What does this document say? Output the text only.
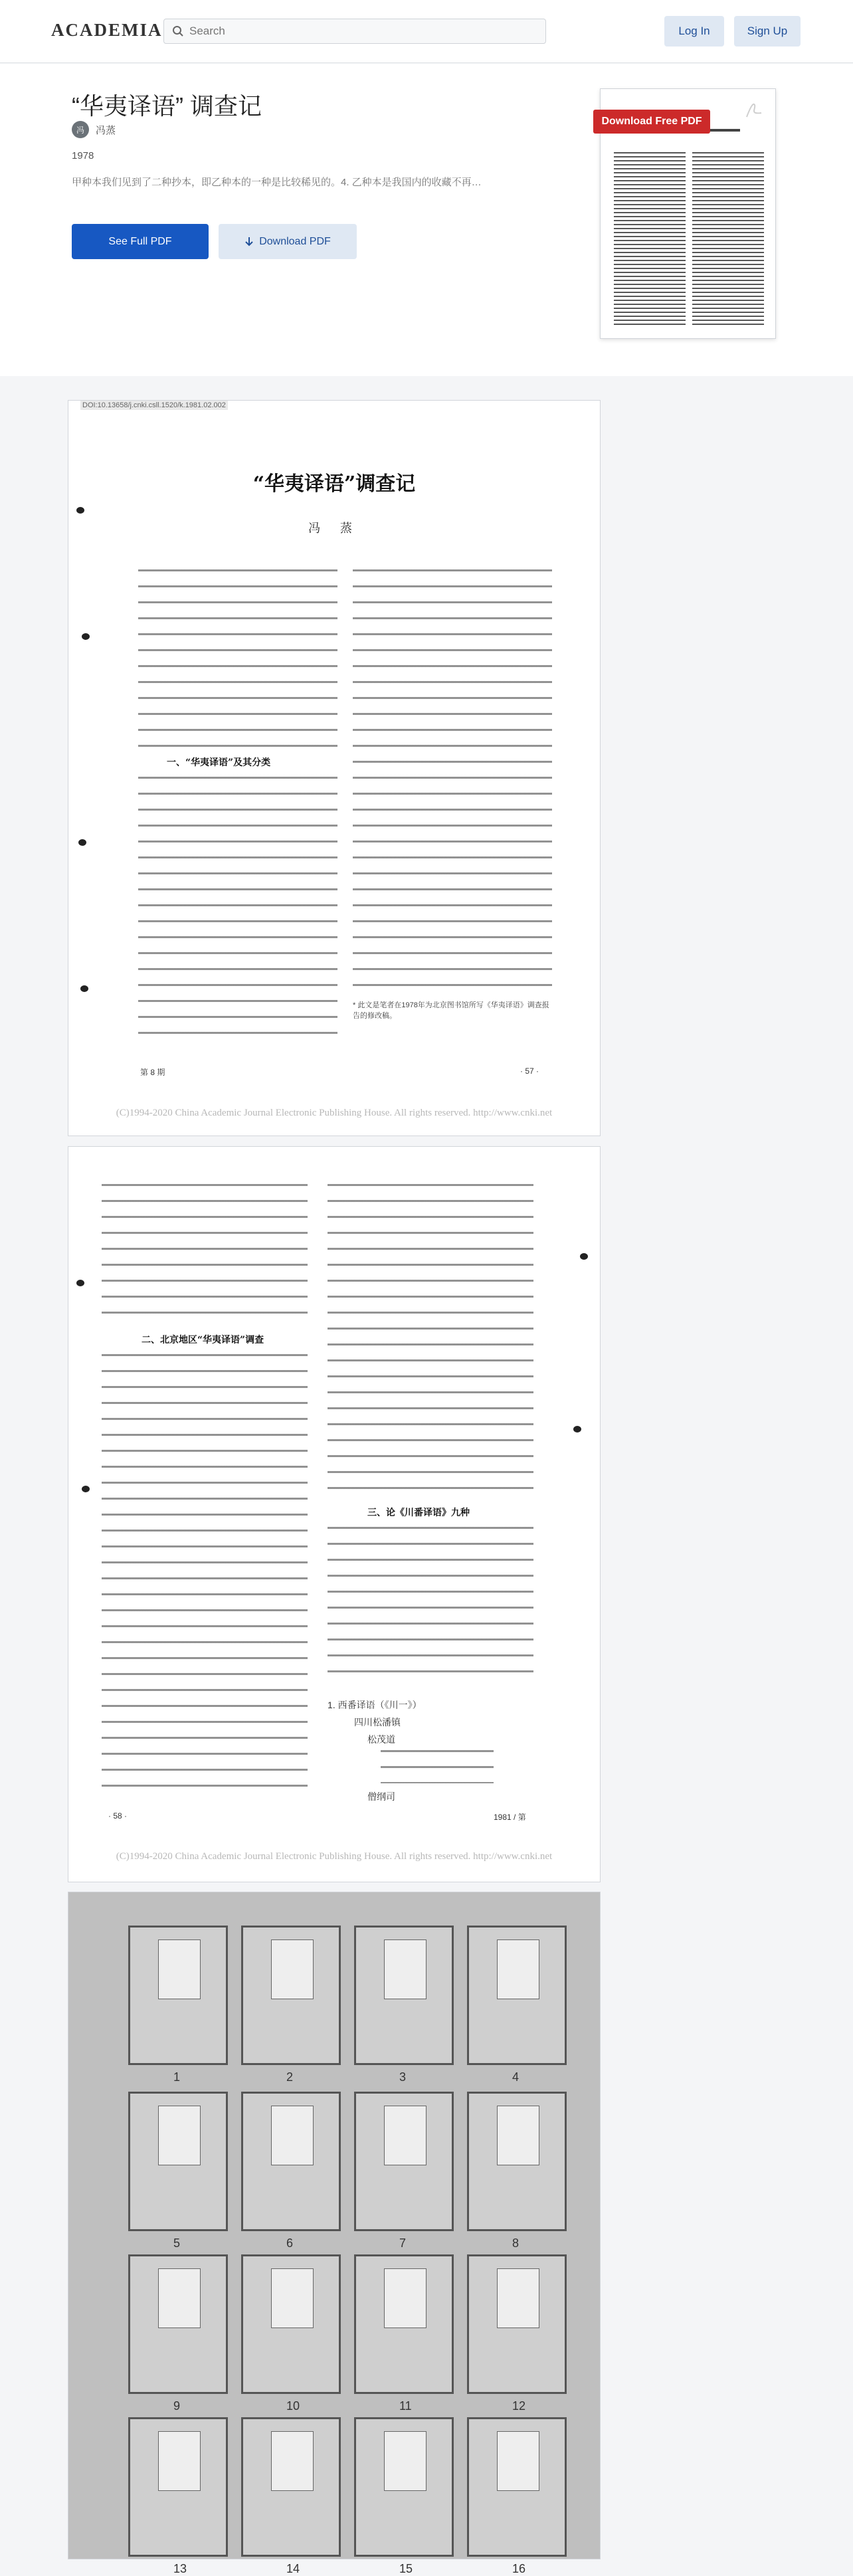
ACADEMIA
Search	Log In	Sign Up
“华夷译语” 调查记
冯	冯蒸
1978
甲种本我们见到了二种抄本，即乙种本的一种是比较稀见的。4. 乙种本是我国内的收藏不再…
See Full PDF	Download PDF
Download Free PDF
DOI:10.13658/j.cnki.csll.1520/k.1981.02.002
“华夷译语”调查记
冯 蒸
一、“华夷译语”及其分类
* 此文是笔者在1978年为北京图书馆所写《华夷译语》调查报告的修改稿。
第 8 期	· 57 ·
(C)1994-2020 China Academic Journal Electronic Publishing House. All rights reserved. http://www.cnki.net
二、北京地区“华夷译语”调查
三、论《川番译语》九种
1. 西番译语（《川一》）
四川松潘镇
松茂道
僧纲司
· 58 ·	1981 / 第
(C)1994-2020 China Academic Journal Electronic Publishing House. All rights reserved. http://www.cnki.net
1	2	3	4
5	6	7	8
9	10	11	12
13	14	15	16
